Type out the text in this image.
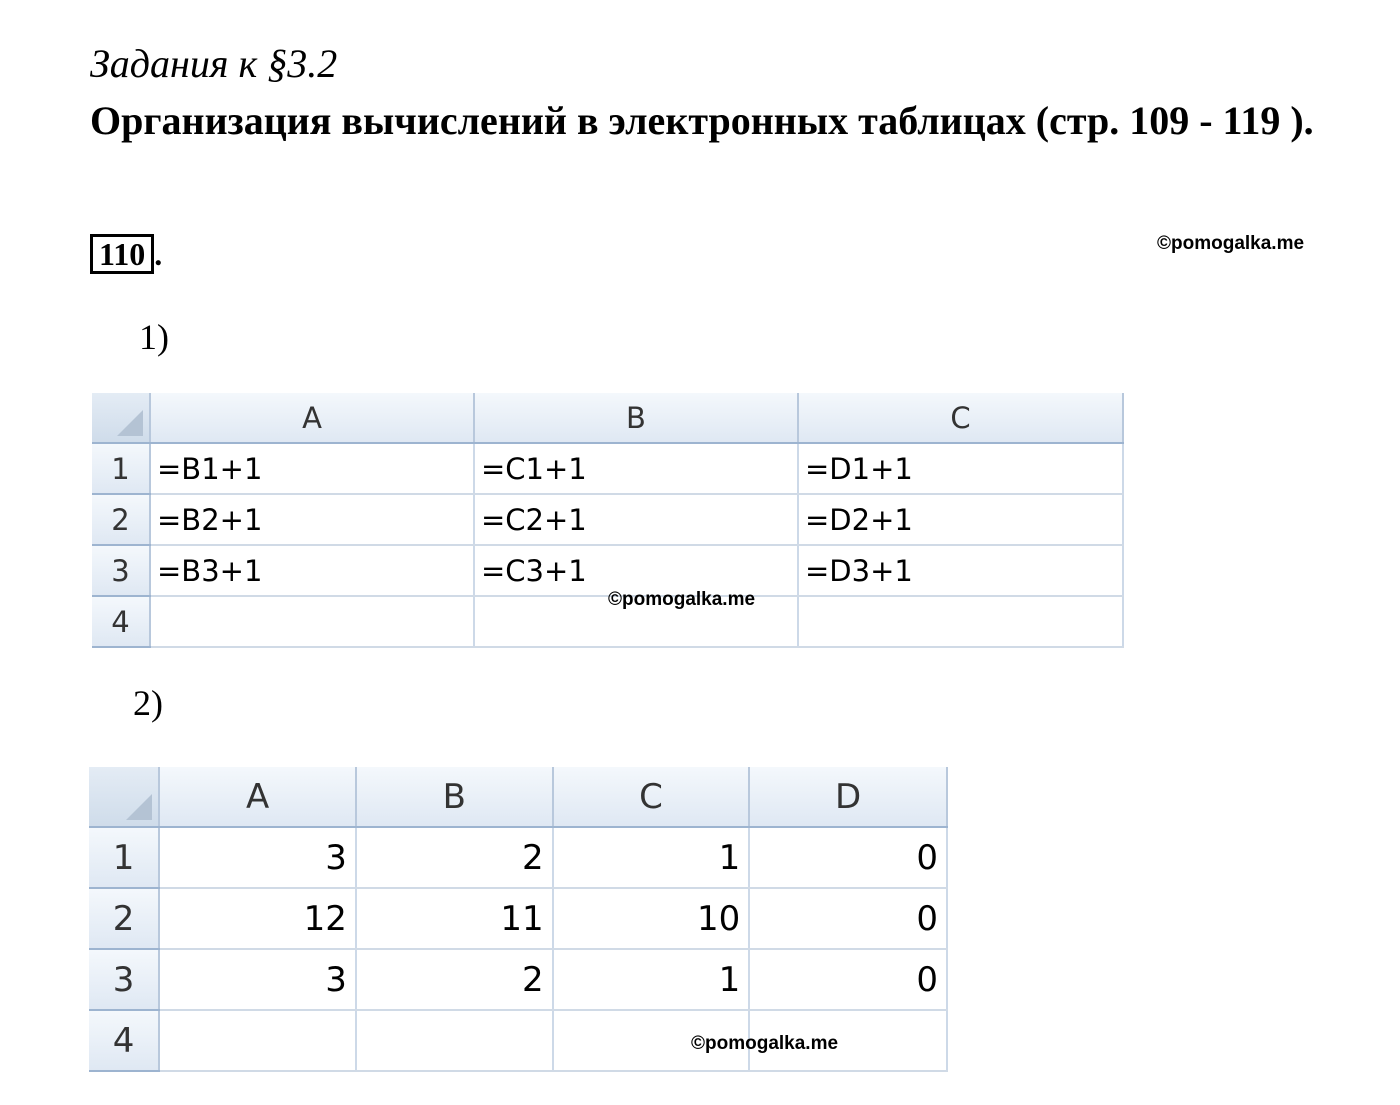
Задания к §3.2
Организация вычислений в электронных таблицах (стр. 109 - 119 ).
110 .	©pomogalka.me
1)
	A	B	C
1	=B1+1	=C1+1	=D1+1
2	=B2+1	=C2+1	=D2+1
3	=B3+1	=C3+1	=D3+1
4			
©pomogalka.me
2)
	A	B	C	D
1	3	2	1	0
2	12	11	10	0
3	3	2	1	0
4					©pomogalka.me
